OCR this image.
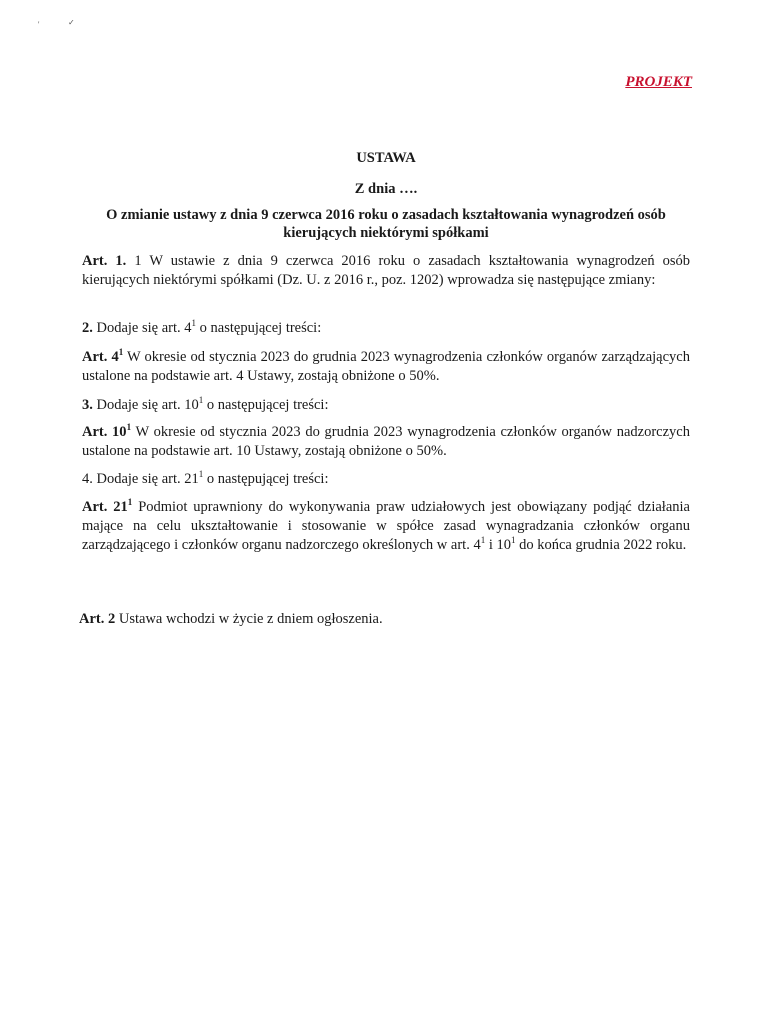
'	✓
PROJEKT
USTAWA
Z dnia ….
O zmianie ustawy z dnia 9 czerwca 2016 roku o zasadach kształtowania wynagrodzeń osób kierujących niektórymi spółkami
Art. 1. 1 W ustawie z dnia 9 czerwca 2016 roku o zasadach kształtowania wynagrodzeń osób kierujących niektórymi spółkami (Dz. U. z 2016 r., poz. 1202) wprowadza się następujące zmiany:
2. Dodaje się art. $4^1$ o następującej treści:
Art. $4^1$ W okresie od stycznia 2023 do grudnia 2023 wynagrodzenia członków organów zarządzających ustalone na podstawie art. 4 Ustawy, zostają obniżone o 50%.
3. Dodaje się art. $10^1$ o następującej treści:
Art. $10^1$ W okresie od stycznia 2023 do grudnia 2023 wynagrodzenia członków organów nadzorczych ustalone na podstawie art. 10 Ustawy, zostają obniżone o 50%.
4. Dodaje się art. $21^1$ o następującej treści:
Art. $21^1$ Podmiot uprawniony do wykonywania praw udziałowych jest obowiązany podjąć działania mające na celu ukształtowanie i stosowanie w spółce zasad wynagradzania członków organu zarządzającego i członków organu nadzorczego określonych w art. $4^1$ i $10^1$ do końca grudnia 2022 roku.
Art. 2 Ustawa wchodzi w życie z dniem ogłoszenia.
